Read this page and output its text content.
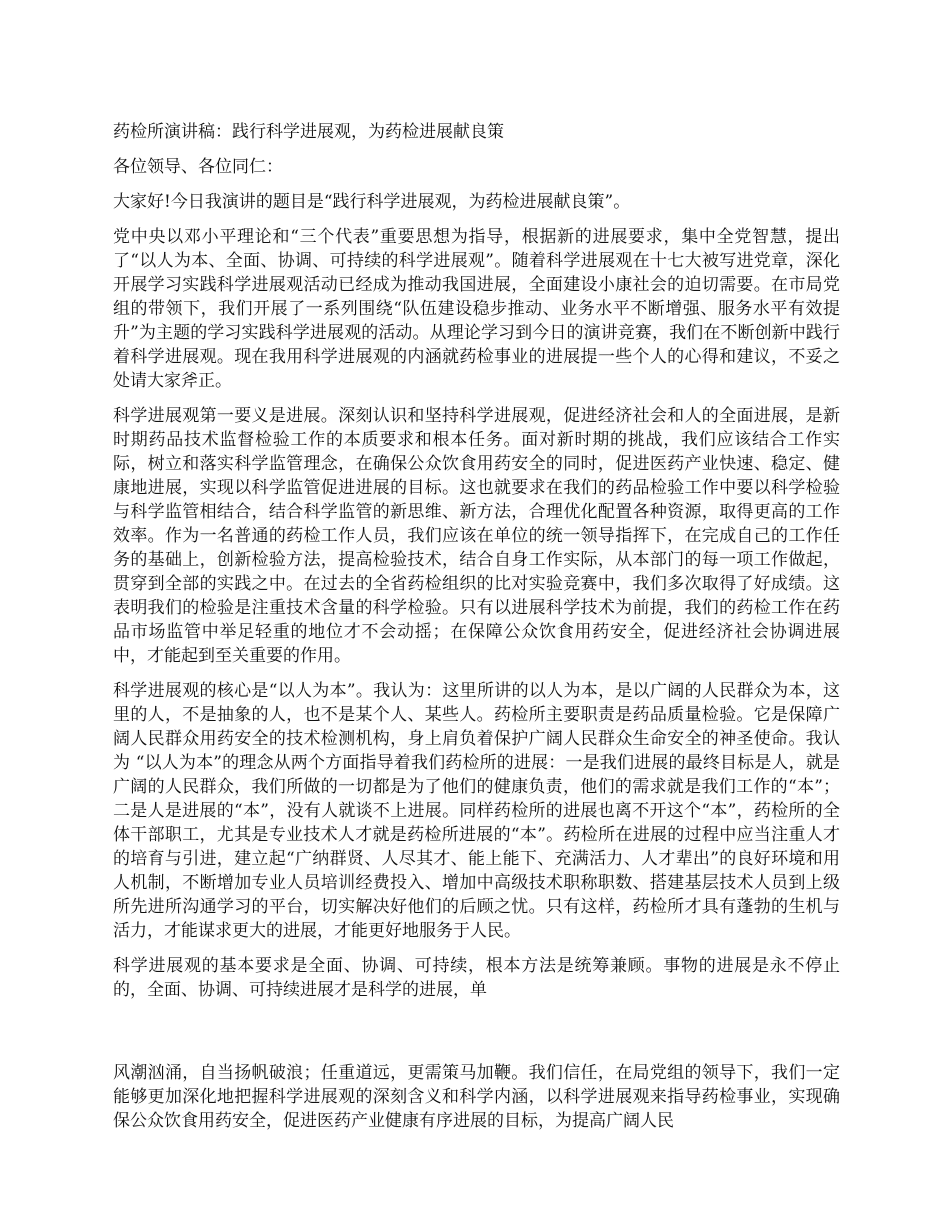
药检所演讲稿：践行科学进展观，为药检进展献良策

各位领导、各位同仁：

大家好!今日我演讲的题目是“践行科学进展观，为药检进展献良策”。

党中央以邓小平理论和“三个代表”重要思想为指导，根据新的进展要求，集中全党智慧，提出了“以人为本、全面、协调、可持续的科学进展观”。随着科学进展观在十七大被写进党章，深化开展学习实践科学进展观活动已经成为推动我国进展，全面建设小康社会的迫切需要。在市局党组的带领下，我们开展了一系列围绕“队伍建设稳步推动、业务水平不断增强、服务水平有效提升”为主题的学习实践科学进展观的活动。从理论学习到今日的演讲竞赛，我们在不断创新中践行着科学进展观。现在我用科学进展观的内涵就药检事业的进展提一些个人的心得和建议，不妥之处请大家斧正。

科学进展观第一要义是进展。深刻认识和坚持科学进展观，促进经济社会和人的全面进展，是新时期药品技术监督检验工作的本质要求和根本任务。面对新时期的挑战，我们应该结合工作实际，树立和落实科学监管理念，在确保公众饮食用药安全的同时，促进医药产业快速、稳定、健康地进展，实现以科学监管促进进展的目标。这也就要求在我们的药品检验工作中要以科学检验与科学监管相结合，结合科学监管的新思维、新方法，合理优化配置各种资源，取得更高的工作效率。作为一名普通的药检工作人员，我们应该在单位的统一领导指挥下，在完成自己的工作任务的基础上，创新检验方法，提高检验技术，结合自身工作实际，从本部门的每一项工作做起，贯穿到全部的实践之中。在过去的全省药检组织的比对实验竞赛中，我们多次取得了好成绩。这表明我们的检验是注重技术含量的科学检验。只有以进展科学技术为前提，我们的药检工作在药品市场监管中举足轻重的地位才不会动摇；在保障公众饮食用药安全，促进经济社会协调进展中，才能起到至关重要的作用。

科学进展观的核心是“以人为本”。我认为：这里所讲的以人为本，是以广阔的人民群众为本，这里的人，不是抽象的人，也不是某个人、某些人。药检所主要职责是药品质量检验。它是保障广阔人民群众用药安全的技术检测机构，身上肩负着保护广阔人民群众生命安全的神圣使命。我认为 “以人为本”的理念从两个方面指导着我们药检所的进展：一是我们进展的最终目标是人，就是广阔的人民群众，我们所做的一切都是为了他们的健康负责，他们的需求就是我们工作的“本”；二是人是进展的“本”，没有人就谈不上进展。同样药检所的进展也离不开这个“本”，药检所的全体干部职工，尤其是专业技术人才就是药检所进展的“本”。药检所在进展的过程中应当注重人才的培育与引进，建立起“广纳群贤、人尽其才、能上能下、充满活力、人才辈出”的良好环境和用人机制，不断增加专业人员培训经费投入、增加中高级技术职称职数、搭建基层技术人员到上级所先进所沟通学习的平台，切实解决好他们的后顾之忧。只有这样，药检所才具有蓬勃的生机与活力，才能谋求更大的进展，才能更好地服务于人民。

科学进展观的基本要求是全面、协调、可持续，根本方法是统筹兼顾。事物的进展是永不停止的，全面、协调、可持续进展才是科学的进展，单

风潮汹涌，自当扬帆破浪；任重道远，更需策马加鞭。我们信任，在局党组的领导下，我们一定能够更加深化地把握科学进展观的深刻含义和科学内涵，以科学进展观来指导药检事业，实现确保公众饮食用药安全，促进医药产业健康有序进展的目标，为提高广阔人民
